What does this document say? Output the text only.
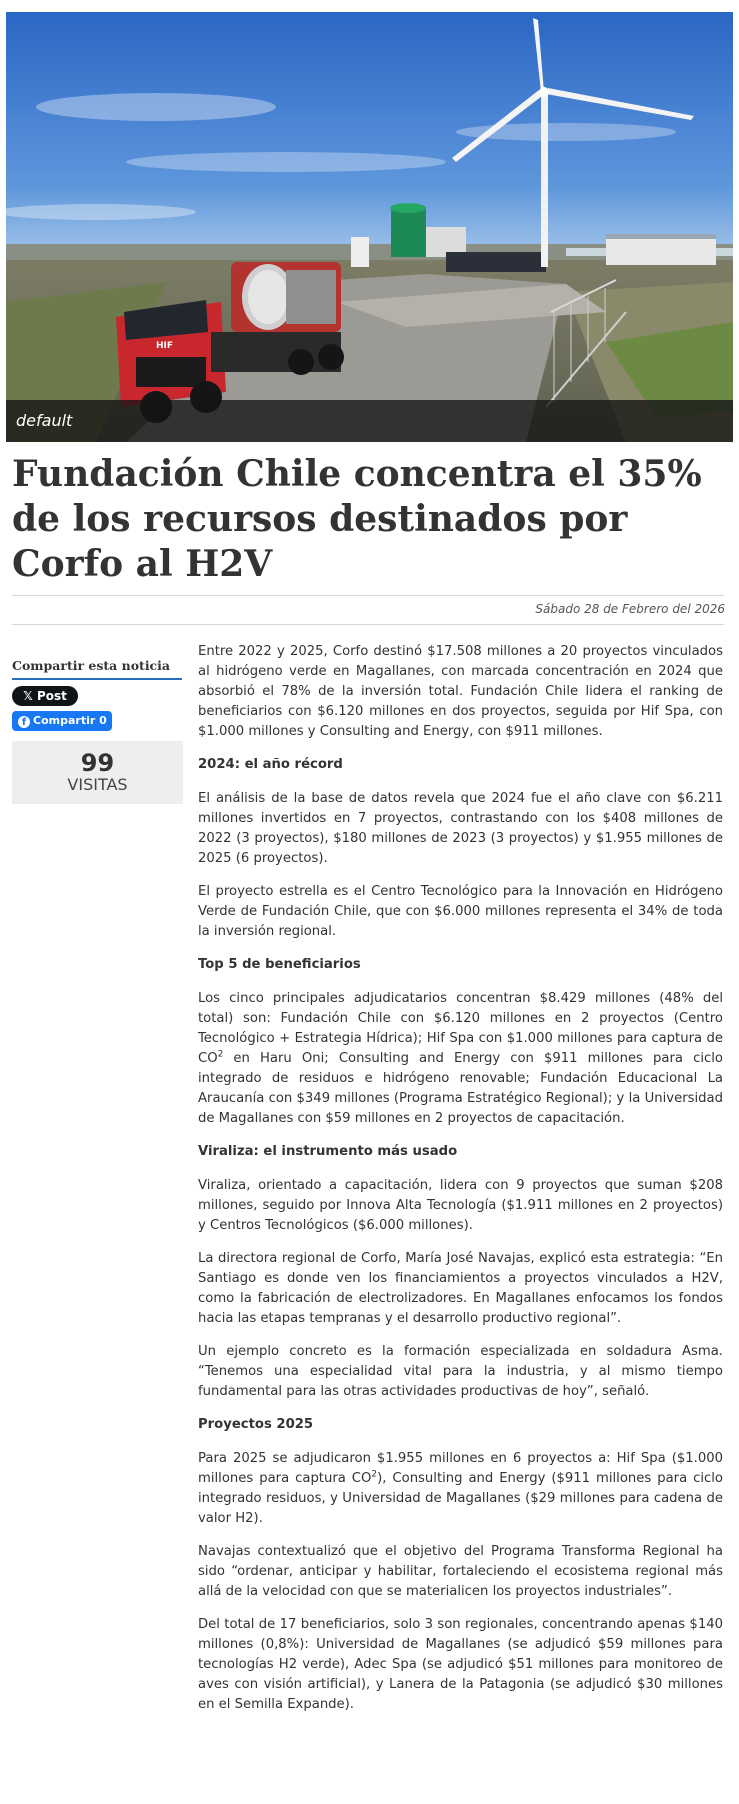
HIF
default
Fundación Chile concentra el 35% de los recursos destinados por Corfo al H2V
Sábado 28 de Febrero del 2026
Compartir esta noticia
𝕏 Post
f Compartir 0
99
VISITAS

Entre 2022 y 2025, Corfo destinó $17.508 millones a 20 proyectos vinculados al hidrógeno verde en Magallanes, con marcada concentración en 2024 que absorbió el 78% de la inversión total. Fundación Chile lidera el ranking de beneficiarios con $6.120 millones en dos proyectos, seguida por Hif Spa, con $1.000 millones y Consulting and Energy, con $911 millones.

2024: el año récord

El análisis de la base de datos revela que 2024 fue el año clave con $6.211 millones invertidos en 7 proyectos, contrastando con los $408 millones de 2022 (3 proyectos), $180 millones de 2023 (3 proyectos) y $1.955 millones de 2025 (6 proyectos).

El proyecto estrella es el Centro Tecnológico para la Innovación en Hidrógeno Verde de Fundación Chile, que con $6.000 millones representa el 34% de toda la inversión regional.

Top 5 de beneficiarios

Los cinco principales adjudicatarios concentran $8.429 millones (48% del total) son: Fundación Chile con $6.120 millones en 2 proyectos (Centro Tecnológico + Estrategia Hídrica); Hif Spa con $1.000 millones para captura de $CO^2$ en Haru Oni; Consulting and Energy con $911 millones para ciclo integrado de residuos e hidrógeno renovable; Fundación Educacional La Araucanía con $349 millones (Programa Estratégico Regional); y la Universidad de Magallanes con $59 millones en 2 proyectos de capacitación.

Viraliza: el instrumento más usado

Viraliza, orientado a capacitación, lidera con 9 proyectos que suman $208 millones, seguido por Innova Alta Tecnología ($1.911 millones en 2 proyectos) y Centros Tecnológicos ($6.000 millones).

La directora regional de Corfo, María José Navajas, explicó esta estrategia: “En Santiago es donde ven los financiamientos a proyectos vinculados a H2V, como la fabricación de electrolizadores. En Magallanes enfocamos los fondos hacia las etapas tempranas y el desarrollo productivo regional”.

Un ejemplo concreto es la formación especializada en soldadura Asma. “Tenemos una especialidad vital para la industria, y al mismo tiempo fundamental para las otras actividades productivas de hoy”, señaló.

Proyectos 2025

Para 2025 se adjudicaron $1.955 millones en 6 proyectos a: Hif Spa ($1.000 millones para captura $CO^2$), Consulting and Energy ($911 millones para ciclo integrado residuos, y Universidad de Magallanes ($29 millones para cadena de valor H2).

Navajas contextualizó que el objetivo del Programa Transforma Regional ha sido “ordenar, anticipar y habilitar, fortaleciendo el ecosistema regional más allá de la velocidad con que se materialicen los proyectos industriales”.

Del total de 17 beneficiarios, solo 3 son regionales, concentrando apenas $140 millones (0,8%): Universidad de Magallanes (se adjudicó $59 millones para tecnologías H2 verde), Adec Spa (se adjudicó $51 millones para monitoreo de aves con visión artificial), y Lanera de la Patagonia (se adjudicó $30 millones en el Semilla Expande).
